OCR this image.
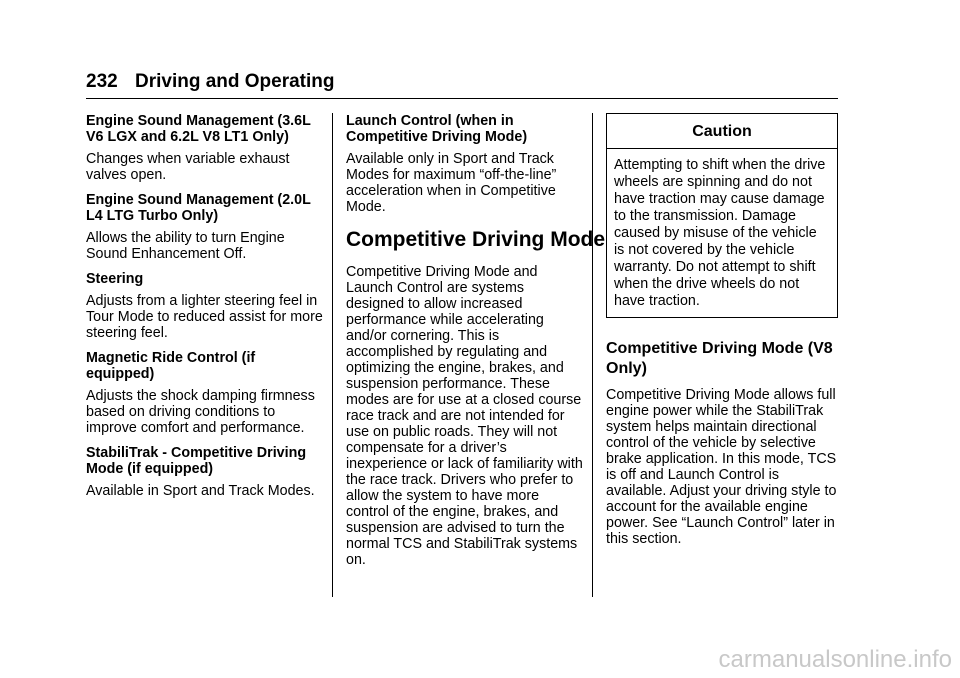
232 Driving and Operating
Engine Sound Management (3.6L V6 LGX and 6.2L V8 LT1 Only)
Changes when variable exhaust valves open.
Engine Sound Management (2.0L L4 LTG Turbo Only)
Allows the ability to turn Engine Sound Enhancement Off.
Steering
Adjusts from a lighter steering feel in Tour Mode to reduced assist for more steering feel.
Magnetic Ride Control (if equipped)
Adjusts the shock damping firmness based on driving conditions to improve comfort and performance.
StabiliTrak - Competitive Driving Mode (if equipped)
Available in Sport and Track Modes.
Launch Control (when in Competitive Driving Mode)
Available only in Sport and Track Modes for maximum “off-the-line” acceleration when in Competitive Mode.
Competitive Driving Mode
Competitive Driving Mode and Launch Control are systems designed to allow increased performance while accelerating and/or cornering. This is accomplished by regulating and optimizing the engine, brakes, and suspension performance. These modes are for use at a closed course race track and are not intended for use on public roads. They will not compensate for a driver’s inexperience or lack of familiarity with the race track. Drivers who prefer to allow the system to have more control of the engine, brakes, and suspension are advised to turn the normal TCS and StabiliTrak systems on.
Caution
Attempting to shift when the drive wheels are spinning and do not have traction may cause damage to the transmission. Damage caused by misuse of the vehicle is not covered by the vehicle warranty. Do not attempt to shift when the drive wheels do not have traction.
Competitive Driving Mode (V8 Only)
Competitive Driving Mode allows full engine power while the StabiliTrak system helps maintain directional control of the vehicle by selective brake application. In this mode, TCS is off and Launch Control is available. Adjust your driving style to account for the available engine power. See “Launch Control” later in this section.
carmanualsonline.info
